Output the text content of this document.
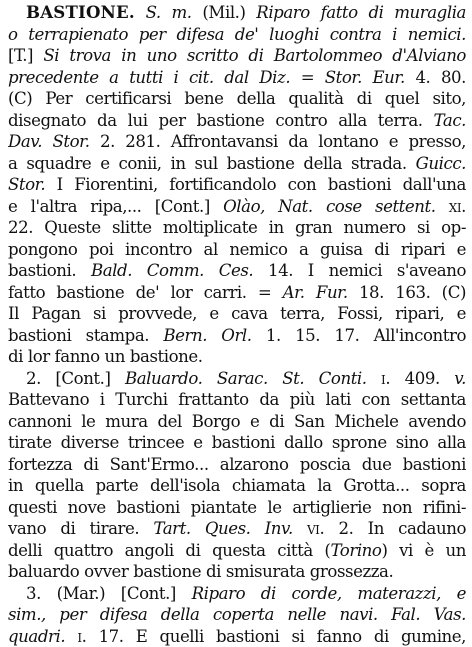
BASTIONE. S. m. (Mil.) Riparo fatto di muraglia
o terrapienato per difesa de' luoghi contra i nemici.
[T.] Si trova in uno scritto di Bartolommeo d'Alviano
precedente a tutti i cit. dal Diz. = Stor. Eur. 4. 80.
(C) Per certificarsi bene della qualità di quel sito,
disegnato da lui per bastione contro alla terra. Tac.
Dav. Stor. 2. 281. Affrontavansi da lontano e presso,
a squadre e conii, in sul bastione della strada. Guicc.
Stor. I Fiorentini, fortificandolo con bastioni dall'una
e l'altra ripa,... [Cont.] Olào, Nat. cose settent. xi.
22. Queste slitte moltiplicate in gran numero si op-
pongono poi incontro al nemico a guisa di ripari e
bastioni. Bald. Comm. Ces. 14. I nemici s'aveano
fatto bastione de' lor carri. = Ar. Fur. 18. 163. (C)
Il Pagan si provvede, e cava terra, Fossi, ripari, e
bastioni stampa. Bern. Orl. 1. 15. 17. All'incontro
di lor fanno un bastione.
2. [Cont.] Baluardo. Sarac. St. Conti. i. 409. v.
Battevano i Turchi frattanto da più lati con settanta
cannoni le mura del Borgo e di San Michele avendo
tirate diverse trincee e bastioni dallo sprone sino alla
fortezza di Sant'Ermo... alzarono poscia due bastioni
in quella parte dell'isola chiamata la Grotta... sopra
questi nove bastioni piantate le artiglierie non rifini-
vano di tirare. Tart. Ques. Inv. vi. 2. In cadauno
delli quattro angoli di questa città (Torino) vi è un
baluardo ovver bastione di smisurata grossezza.
3. (Mar.) [Cont.] Riparo di corde, materazzi, e
sim., per difesa della coperta nelle navi. Fal. Vas.
quadri. i. 17. E quelli bastioni si fanno di gumine,
